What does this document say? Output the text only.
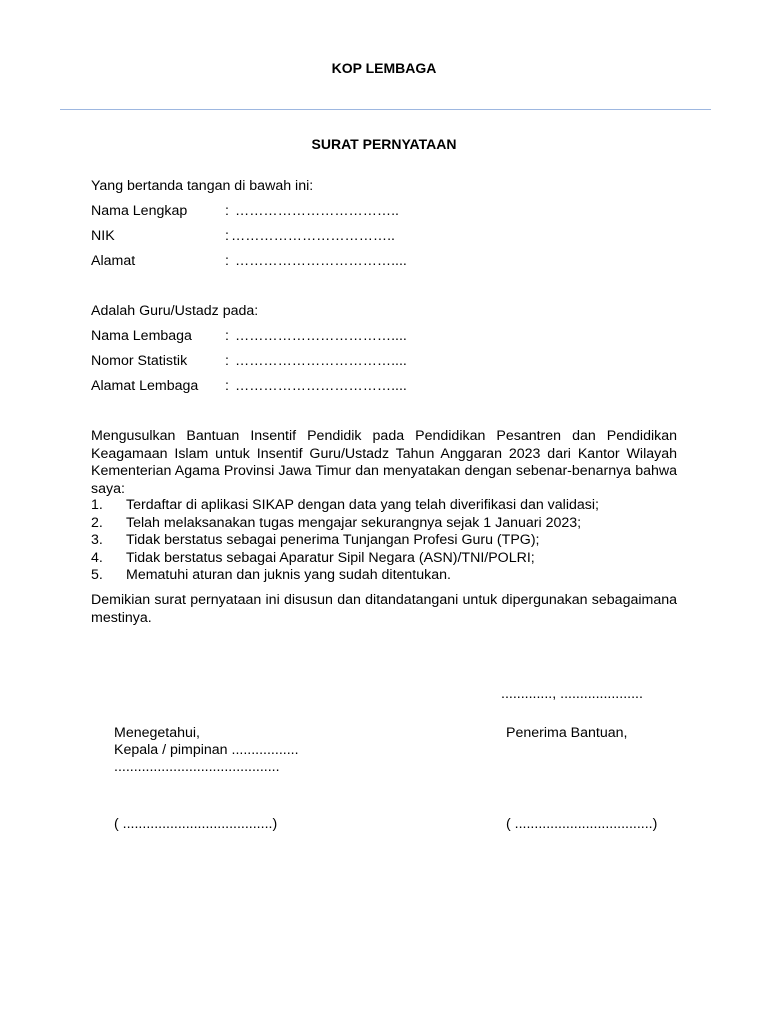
KOP LEMBAGA
SURAT PERNYATAAN
Yang bertanda tangan di bawah ini:
Nama Lengkap	: ……………………………..
NIK	: ……………………………..
Alamat	: ……………………………....
Adalah Guru/Ustadz pada:
Nama Lembaga	: ……………………………....
Nomor Statistik	: ……………………………....
Alamat Lembaga	: ……………………………....
Mengusulkan Bantuan Insentif Pendidik pada Pendidikan Pesantren dan Pendidikan Keagamaan Islam untuk Insentif Guru/Ustadz Tahun Anggaran 2023 dari Kantor Wilayah Kementerian Agama Provinsi Jawa Timur dan menyatakan dengan sebenar-benarnya bahwa saya:
1.	Terdaftar di aplikasi SIKAP dengan data yang telah diverifikasi dan validasi;
2.	Telah melaksanakan tugas mengajar sekurangnya sejak 1 Januari 2023;
3.	Tidak berstatus sebagai penerima Tunjangan Profesi Guru (TPG);
4.	Tidak berstatus sebagai Aparatur Sipil Negara (ASN)/TNI/POLRI;
5.	Mematuhi aturan dan juknis yang sudah ditentukan.
Demikian surat pernyataan ini disusun dan ditandatangani untuk dipergunakan sebagaimana mestinya.
............., .....................
Menegetahui,
Kepala / pimpinan .................
..........................................
Penerima Bantuan,
( ......................................)	( ...................................)
